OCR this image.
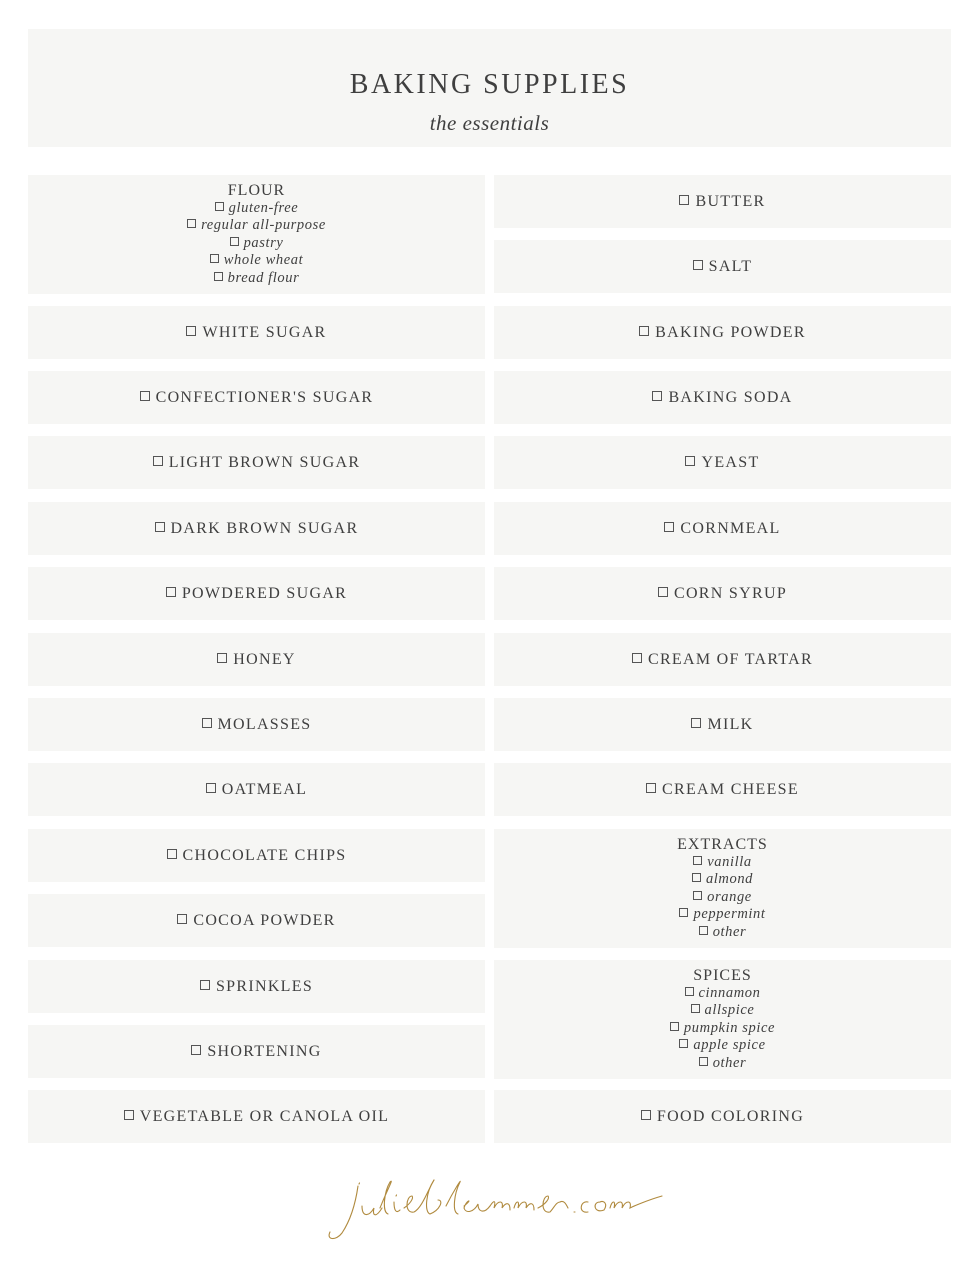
BAKING SUPPLIES
the essentials
FLOUR
gluten-free
regular all-purpose
pastry
whole wheat
bread flour
WHITE SUGAR
CONFECTIONER'S SUGAR
LIGHT BROWN SUGAR
DARK BROWN SUGAR
POWDERED SUGAR
HONEY
MOLASSES
OATMEAL
CHOCOLATE CHIPS
COCOA POWDER
SPRINKLES
SHORTENING
VEGETABLE OR CANOLA OIL
BUTTER
SALT
BAKING POWDER
BAKING SODA
YEAST
CORNMEAL
CORN SYRUP
CREAM OF TARTAR
MILK
CREAM CHEESE
EXTRACTS
vanilla
almond
orange
peppermint
other
SPICES
cinnamon
allspice
pumpkin spice
apple spice
other
FOOD COLORING
